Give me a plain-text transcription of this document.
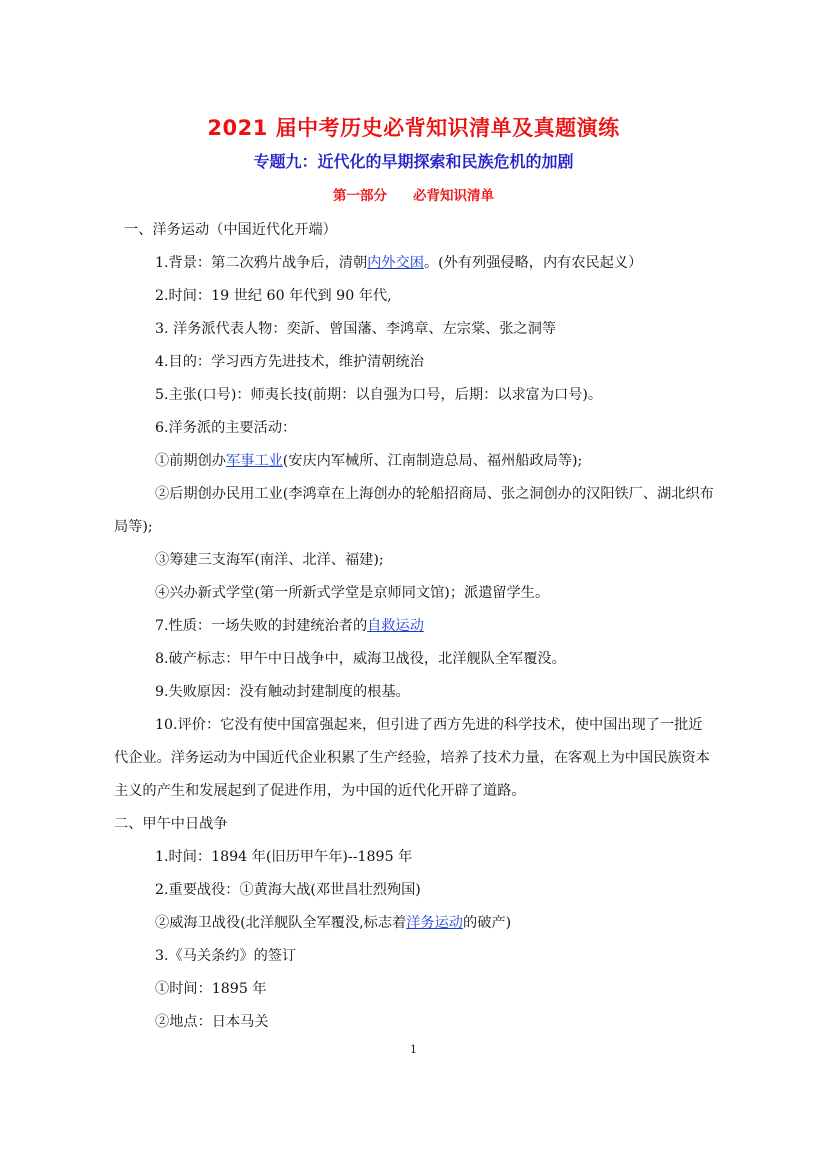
2021 届中考历史必背知识清单及真题演练
专题九：近代化的早期探索和民族危机的加剧
第一部分 必背知识清单

一、洋务运动（中国近代化开端）

1.背景：第二次鸦片战争后，清朝内外交困。(外有列强侵略，内有农民起义）

2.时间：19 世纪 60 年代到 90 年代,

3. 洋务派代表人物：奕訢、曾国藩、李鸿章、左宗棠、张之洞等

4.目的：学习西方先进技术，维护清朝统治

5.主张(口号)：师夷长技(前期：以自强为口号，后期：以求富为口号)。

6.洋务派的主要活动：

①前期创办军事工业(安庆内军械所、江南制造总局、福州船政局等);

②后期创办民用工业(李鸿章在上海创办的轮船招商局、张之洞创办的汉阳铁厂、湖北织布局等);

③筹建三支海军(南洋、北洋、福建);

④兴办新式学堂(第一所新式学堂是京师同文馆)；派遣留学生。

7.性质：一场失败的封建统治者的自救运动

8.破产标志：甲午中日战争中，威海卫战役，北洋舰队全军覆没。

9.失败原因：没有触动封建制度的根基。

10.评价：它没有使中国富强起来，但引进了西方先进的科学技术，使中国出现了一批近代企业。洋务运动为中国近代企业积累了生产经验，培养了技术力量，在客观上为中国民族资本主义的产生和发展起到了促进作用，为中国的近代化开辟了道路。

二、甲午中日战争

1.时间：1894 年(旧历甲午年)--1895 年

2.重要战役：①黄海大战(邓世昌壮烈殉国)

②威海卫战役(北洋舰队全军覆没,标志着洋务运动的破产)

3.《马关条约》的签订

①时间：1895 年

②地点：日本马关

1
